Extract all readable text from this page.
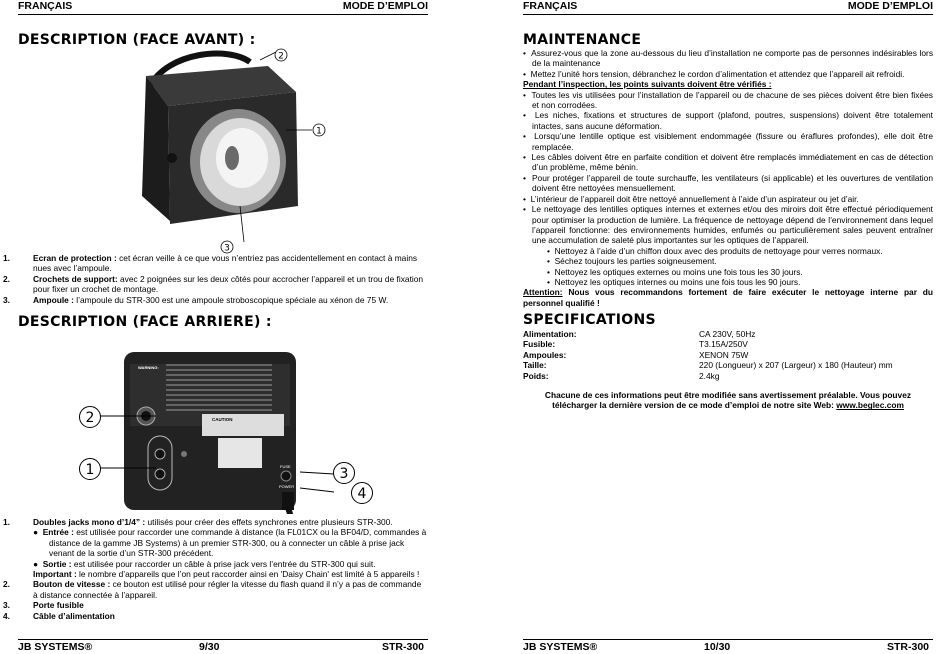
FRANÇAIS	MODE D’EMPLOI
DESCRIPTION (FACE AVANT) :
2
1
3

1.	Ecran de protection : cet écran veille à ce que vous n’entriez pas accidentellement en contact à mains nues avec l’ampoule.

2.	Crochets de support: avec 2 poignées sur les deux côtés pour accrocher l’appareil et un trou de fixation pour fixer un crochet de montage.

3.	Ampoule : l’ampoule du STR-300 est une ampoule stroboscopique spéciale au xénon de 75 W.

DESCRIPTION (FACE ARRIERE) :
WARNING:
CAUTION
FUSE
POWER
2
1	3
4

1.	Doubles jacks mono d’1/4” : utilisés pour créer des effets synchrones entre plusieurs STR-300.

●  Entrée : est utilisée pour raccorder une commande à distance (la FL01CX ou la BF04/D, commandes à distance de la gamme JB Systems) à un premier STR-300, ou à connecter un câble à prise jack venant de la sortie d’un STR-300 précédent.

●  Sortie : est utilisée pour raccorder un câble à prise jack vers l’entrée du STR-300 qui suit.

Important : le nombre d’appareils que l’on peut raccorder ainsi en 'Daisy Chain' est limité à 5 appareils !

2.	Bouton de vitesse : ce bouton est utilisé pour régler la vitesse du flash quand il n’y a pas de commande à distance connectée à l’appareil.

3.	Porte fusible

4.	Câble d’alimentation

JB SYSTEMS®	9/30	STR-300
FRANÇAIS	MODE D’EMPLOI
MAINTENANCE

•  Assurez-vous que la zone au-dessous du lieu d’installation ne comporte pas de personnes indésirables lors de la maintenance

•  Mettez l’unité hors tension, débranchez le cordon d’alimentation et attendez que l’appareil ait refroidi.

Pendant l’inspection, les points suivants doivent être vérifiés :

•  Toutes les vis utilisées pour l’installation de l’appareil ou de chacune de ses pièces doivent être bien fixées et non corrodées.

•  Les niches, fixations et structures de support (plafond, poutres, suspensions) doivent être totalement intactes, sans aucune déformation.

•  Lorsqu’une lentille optique est visiblement endommagée (fissure ou éraflures profondes), elle doit être remplacée.

•  Les câbles doivent être en parfaite condition et doivent être remplacés immédiatement en cas de détection d’un problème, même bénin.

•  Pour protéger l’appareil de toute surchauffe, les ventilateurs (si applicable) et les ouvertures de ventilation doivent être nettoyées mensuellement.

•  L’intérieur de l’appareil doit être nettoyé annuellement à l’aide d’un aspirateur ou jet d’air.

•  Le nettoyage des lentilles optiques internes et externes et/ou des miroirs doit être effectué périodiquement pour optimiser la production de lumière. La fréquence de nettoyage dépend de l’environnement dans lequel l’appareil fonctionne: des environnements humides, enfumés ou particulièrement sales peuvent entraîner une accumulation de saleté plus importantes sur les optiques de l’appareil.

•  Nettoyez à l’aide d’un chiffon doux avec des produits de nettoyage pour verres normaux.

•  Séchez toujours les parties soigneusement.

•  Nettoyez les optiques externes ou moins une fois tous les 30 jours.

•  Nettoyez les optiques internes ou moins une fois tous les 90 jours.

Attention: Nous vous recommandons fortement de faire exécuter le nettoyage interne par du personnel qualifié !

SPECIFICATIONS
Alimentation:	CA 230V, 50Hz
Fusible:	T3.15A/250V
Ampoules:	XENON 75W
Taille:	220 (Longueur) x 207 (Largeur) x 180 (Hauteur) mm
Poids:	2.4kg

Chacune de ces informations peut être modifiée sans avertissement préalable. Vous pouvez

télécharger la dernière version de ce mode d’emploi de notre site Web: www.beglec.com

JB SYSTEMS®	10/30	STR-300
